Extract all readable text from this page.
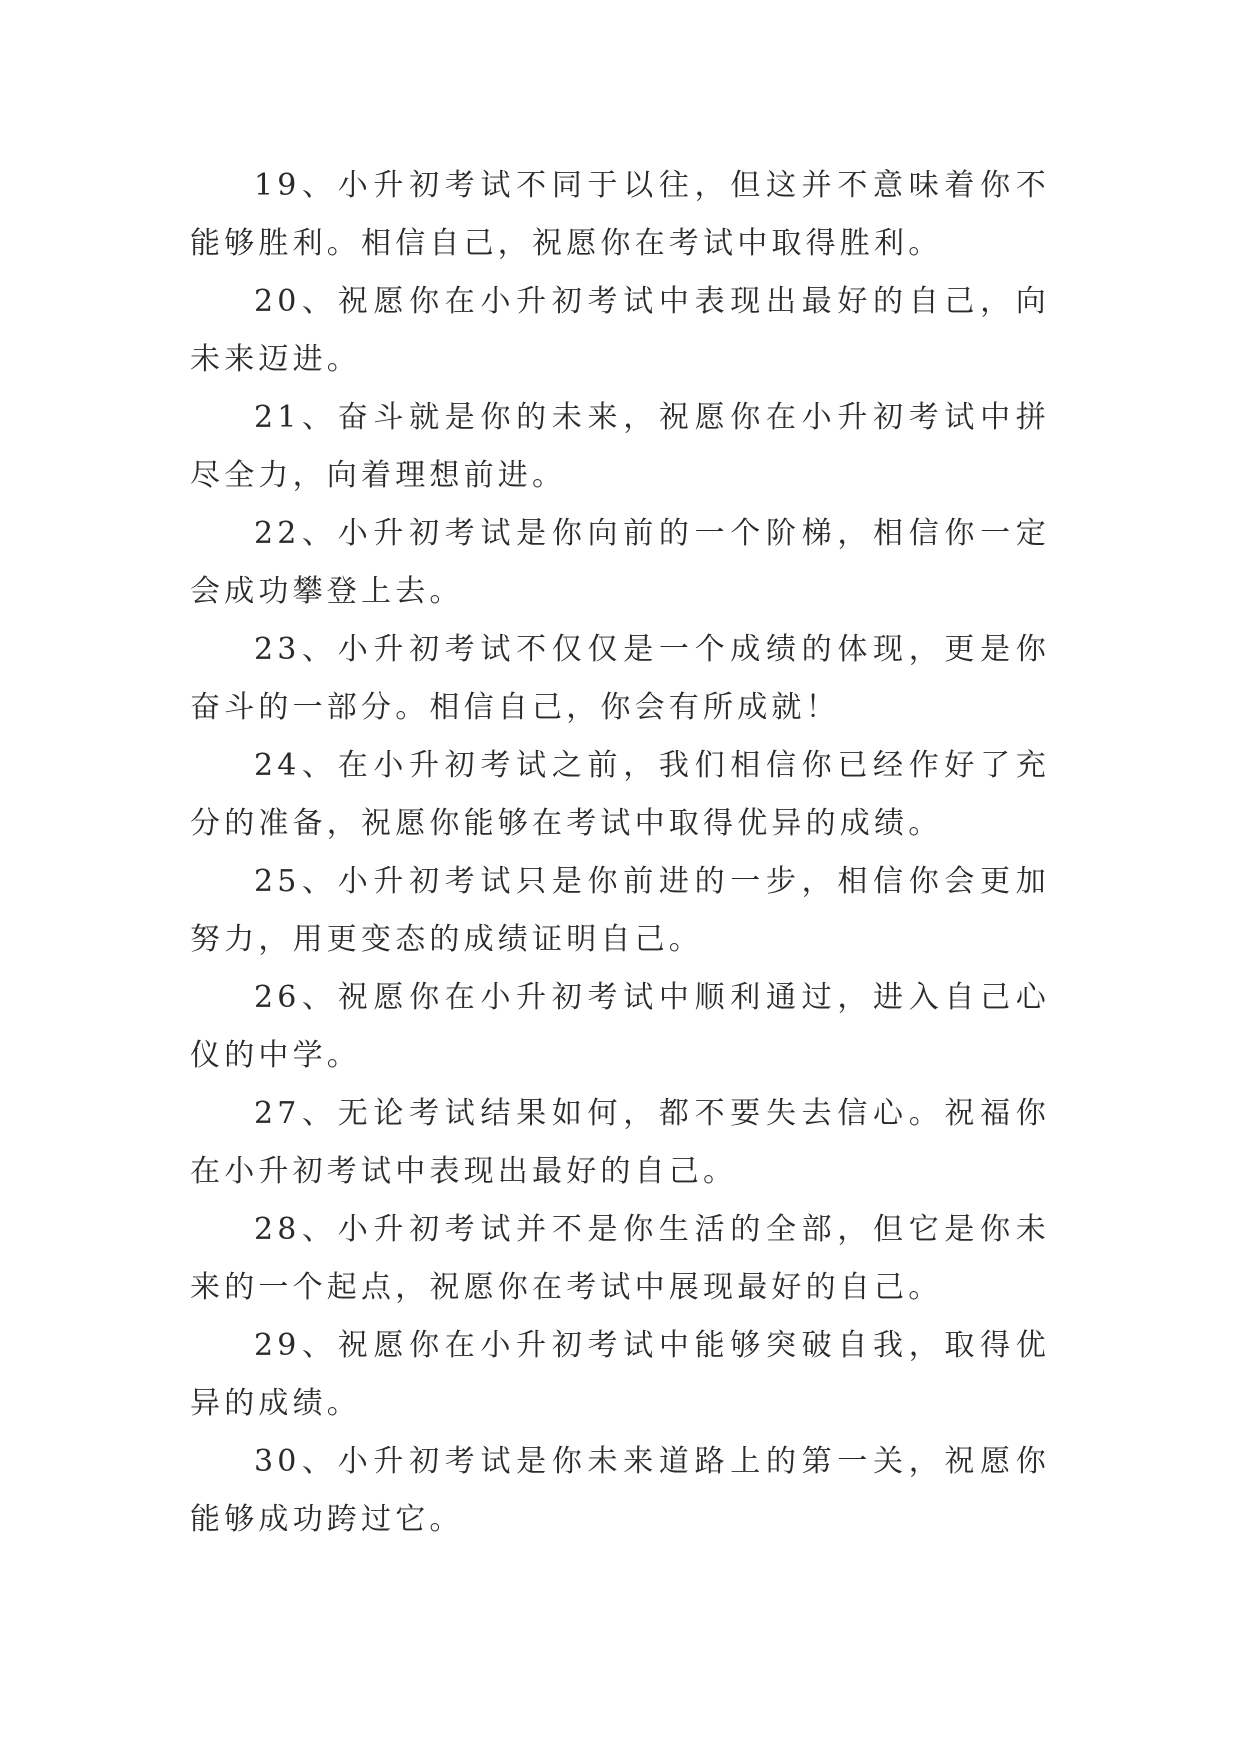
19、小升初考试不同于以往，但这并不意味着你不能够胜利。相信自己，祝愿你在考试中取得胜利。

20、祝愿你在小升初考试中表现出最好的自己，向未来迈进。

21、奋斗就是你的未来，祝愿你在小升初考试中拼尽全力，向着理想前进。

22、小升初考试是你向前的一个阶梯，相信你一定会成功攀登上去。

23、小升初考试不仅仅是一个成绩的体现，更是你奋斗的一部分。相信自己，你会有所成就！

24、在小升初考试之前，我们相信你已经作好了充分的准备，祝愿你能够在考试中取得优异的成绩。

25、小升初考试只是你前进的一步，相信你会更加努力，用更变态的成绩证明自己。

26、祝愿你在小升初考试中顺利通过，进入自己心仪的中学。

27、无论考试结果如何，都不要失去信心。祝福你在小升初考试中表现出最好的自己。

28、小升初考试并不是你生活的全部，但它是你未来的一个起点，祝愿你在考试中展现最好的自己。

29、祝愿你在小升初考试中能够突破自我，取得优异的成绩。

30、小升初考试是你未来道路上的第一关，祝愿你能够成功跨过它。
